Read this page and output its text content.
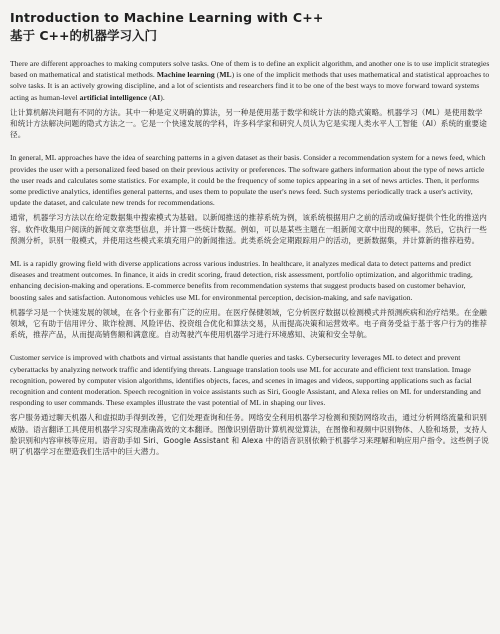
Introduction to Machine Learning with C++
基于 C++的机器学习入门

There are different approaches to making computers solve tasks. One of them is to define an explicit algorithm, and another one is to use implicit strategies based on mathematical and statistical methods. Machine learning (ML) is one of the implicit methods that uses mathematical and statistical approaches to solve tasks. It is an actively growing discipline, and a lot of scientists and researchers find it to be one of the best ways to move forward toward systems acting as human-level artificial intelligence (AI).

让计算机解决问题有不同的方法。其中一种是定义明确的算法，另一种是使用基于数学和统计方法的隐式策略。机器学习（ML）是使用数学和统计方法解决问题的隐式方法之一。它是一个快速发展的学科，许多科学家和研究人员认为它是实现人类水平人工智能（AI）系统的重要途径。

In general, ML approaches have the idea of searching patterns in a given dataset as their basis. Consider a recommendation system for a news feed, which provides the user with a personalized feed based on their previous activity or preferences. The software gathers information about the type of news article the user reads and calculates some statistics. For example, it could be the frequency of some topics appearing in a set of news articles. Then, it performs some predictive analytics, identifies general patterns, and uses them to populate the user's news feed. Such systems periodically track a user's activity, update the dataset, and calculate new trends for recommendations.

通常，机器学习方法以在给定数据集中搜索模式为基础。以新闻推送的推荐系统为例，该系统根据用户之前的活动或偏好提供个性化的推送内容。软件收集用户阅读的新闻文章类型信息，并计算一些统计数据。例如，可以是某些主题在一组新闻文章中出现的频率。然后，它执行一些预测分析，识别一般模式，并使用这些模式来填充用户的新闻推送。此类系统会定期跟踪用户的活动，更新数据集，并计算新的推荐趋势。

ML is a rapidly growing field with diverse applications across various industries. In healthcare, it analyzes medical data to detect patterns and predict diseases and treatment outcomes. In finance, it aids in credit scoring, fraud detection, risk assessment, portfolio optimization, and algorithmic trading, enhancing decision-making and operations. E-commerce benefits from recommendation systems that suggest products based on customer behavior, boosting sales and satisfaction. Autonomous vehicles use ML for environmental perception, decision-making, and safe navigation.

机器学习是一个快速发展的领域，在各个行业都有广泛的应用。在医疗保健领域，它分析医疗数据以检测模式并预测疾病和治疗结果。在金融领域，它有助于信用评分、欺诈检测、风险评估、投资组合优化和算法交易，从而提高决策和运营效率。电子商务受益于基于客户行为的推荐系统，推荐产品，从而提高销售额和满意度。自动驾驶汽车使用机器学习进行环境感知、决策和安全导航。

Customer service is improved with chatbots and virtual assistants that handle queries and tasks. Cybersecurity leverages ML to detect and prevent cyberattacks by analyzing network traffic and identifying threats. Language translation tools use ML for accurate and efficient text translation. Image recognition, powered by computer vision algorithms, identifies objects, faces, and scenes in images and videos, supporting applications such as facial recognition and content moderation. Speech recognition in voice assistants such as Siri, Google Assistant, and Alexa relies on ML for understanding and responding to user commands. These examples illustrate the vast potential of ML in shaping our lives.

客户服务通过聊天机器人和虚拟助手得到改善，它们处理查询和任务。网络安全利用机器学习检测和预防网络攻击，通过分析网络流量和识别威胁。语言翻译工具使用机器学习实现准确高效的文本翻译。图像识别借助计算机视觉算法，在图像和视频中识别物体、人脸和场景，支持人脸识别和内容审核等应用。语音助手如 Siri、Google Assistant 和 Alexa 中的语音识别依赖于机器学习来理解和响应用户指令。这些例子说明了机器学习在塑造我们生活中的巨大潜力。
